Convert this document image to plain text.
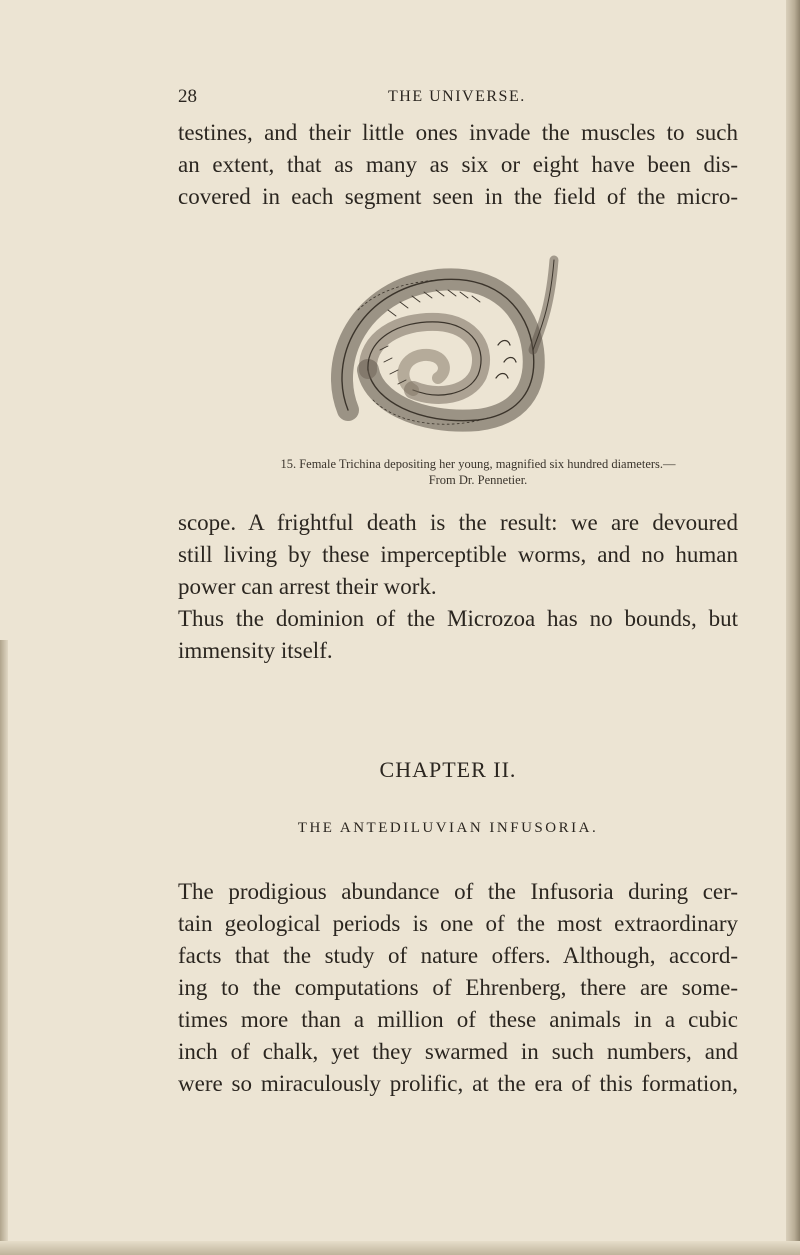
28	THE UNIVERSE.
testines, and their little ones invade the muscles to such
an extent, that as many as six or eight have been dis-
covered in each segment seen in the field of the micro-
15. Female Trichina depositing her young, magnified six hundred diameters.—
From Dr. Pennetier.
scope. A frightful death is the result: we are devoured
still living by these imperceptible worms, and no human
power can arrest their work.
Thus the dominion of the Microzoa has no bounds, but
immensity itself.
CHAPTER II.
THE ANTEDILUVIAN INFUSORIA.
The prodigious abundance of the Infusoria during cer-
tain geological periods is one of the most extraordinary
facts that the study of nature offers. Although, accord-
ing to the computations of Ehrenberg, there are some-
times more than a million of these animals in a cubic
inch of chalk, yet they swarmed in such numbers, and
were so miraculously prolific, at the era of this formation,
